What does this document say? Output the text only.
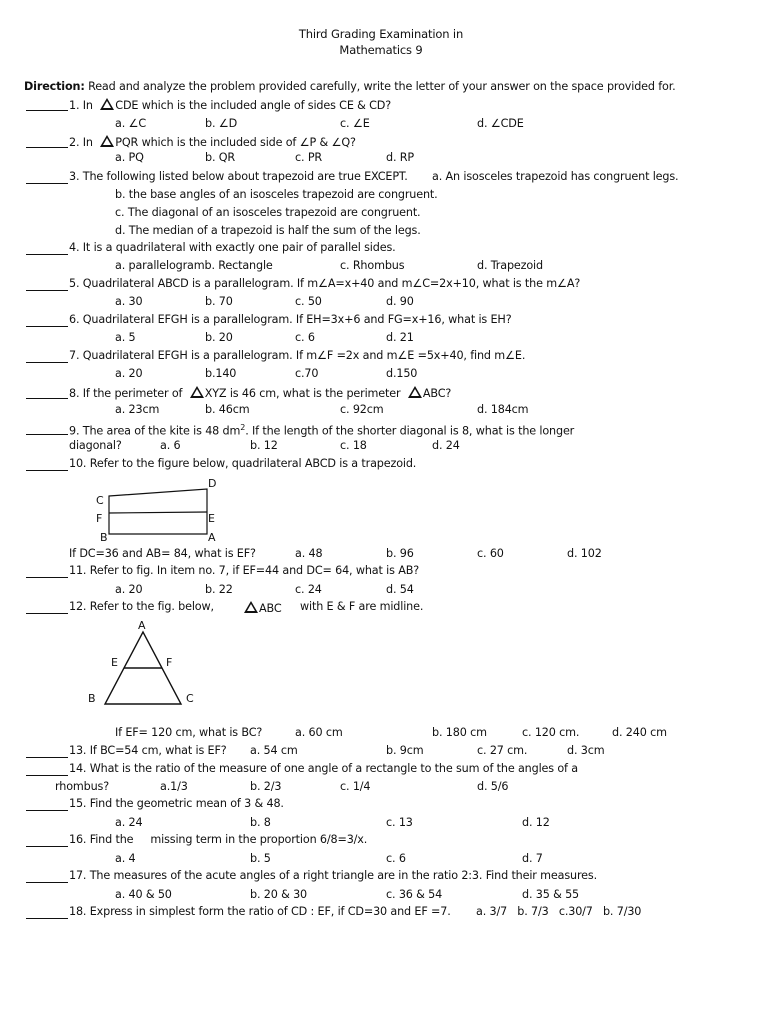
Third Grading Examination in
Mathematics 9
Direction: Read and analyze the problem provided carefully, write the letter of your answer on the space provided for.
1. In CDE which is the included angle of sides CE & CD?
a. ∠C	b. ∠D	c. ∠E	d. ∠CDE
2. In PQR which is the included side of ∠P & ∠Q?
a. PQ	b. QR	c. PR	d. RP
3. The following listed below about trapezoid are true EXCEPT. a. An isosceles trapezoid has congruent legs.
b. the base angles of an isosceles trapezoid are congruent.
c. The diagonal of an isosceles trapezoid are congruent.
d. The median of a trapezoid is half the sum of the legs.
4. It is a quadrilateral with exactly one pair of parallel sides.
a. parallelogramb. Rectangle	c. Rhombus	d. Trapezoid
5. Quadrilateral ABCD is a parallelogram. If m∠A=x+40 and m∠C=2x+10, what is the m∠A?
a. 30	b. 70	c. 50	d. 90
6. Quadrilateral EFGH is a parallelogram. If EH=3x+6 and FG=x+16, what is EH?
a. 5	b. 20	c. 6	d. 21
7. Quadrilateral EFGH is a parallelogram. If m∠F =2x and m∠E =5x+40, find m∠E.
a. 20	b.140	c.70	d.150
8. If the perimeter of XYZ is 46 cm, what is the perimeter ABC?
a. 23cm	b. 46cm	c. 92cm	d. 184cm
9. The area of the kite is 48 $dm^2$. If the length of the shorter diagonal is 8, what is the longer
diagonal?	a. 6	b. 12	c. 18	d. 24
10. Refer to the figure below, quadrilateral ABCD is a trapezoid.
D
C
F	E
B	A
If DC=36 and AB= 84, what is EF?	a. 48	b. 96	c. 60	d. 102
11. Refer to fig. In item no. 7, if EF=44 and DC= 64, what is AB?
a. 20	b. 22	c. 24	d. 54
12. Refer to the fig. below,	ABC with E & F are midline.
A
E	F
B	C
If EF= 120 cm, what is BC?	a. 60 cm	b. 180 cm	c. 120 cm.	d. 240 cm
13. If BC=54 cm, what is EF? a. 54 cm	b. 9cm	c. 27 cm.	d. 3cm
14. What is the ratio of the measure of one angle of a rectangle to the sum of the angles of a
rhombus?	a.1/3	b. 2/3	c. 1/4	d. 5/6
15. Find the geometric mean of 3 & 48.
a. 24	b. 8	c. 13	d. 12
16. Find the     missing term in the proportion 6/8=3/x.
a. 4	b. 5	c. 6	d. 7
17. The measures of the acute angles of a right triangle are in the ratio 2:3. Find their measures.
a. 40 & 50	b. 20 & 30	c. 36 & 54	d. 35 & 55
18. Express in simplest form the ratio of CD : EF, if CD=30 and EF =7. a. 3/7   b. 7/3   c.30/7   b. 7/30
